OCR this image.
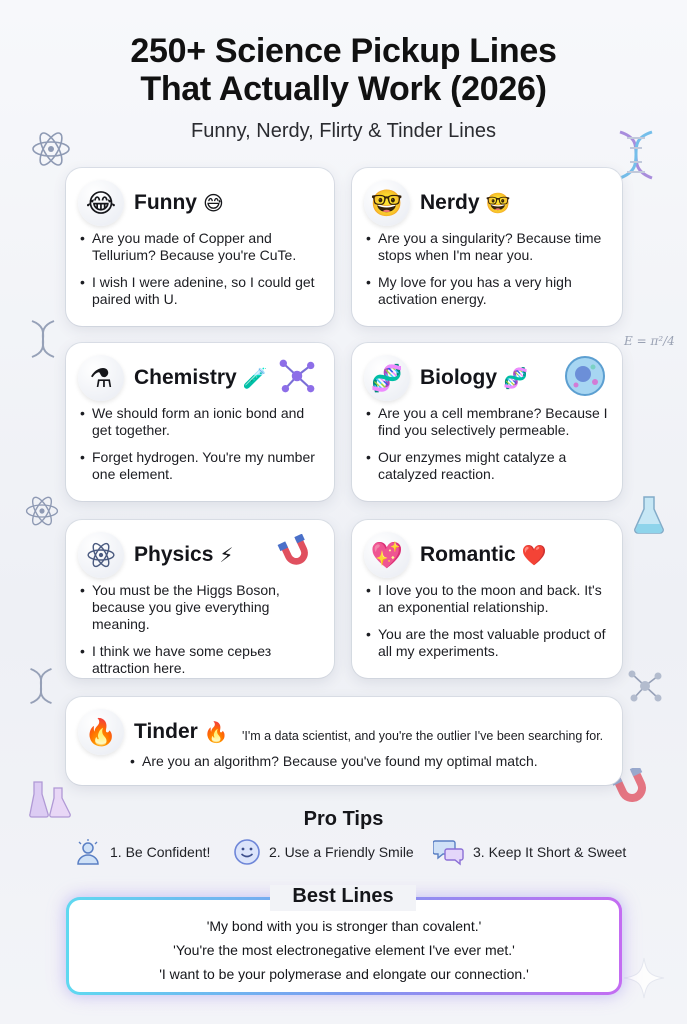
250+ Science Pickup Lines
That Actually Work (2026)
Funny, Nerdy, Flirty & Tinder Lines
E = π²/4
😂 Funny 😅
• Are you made of Copper and Tellurium? Because you're CuTe.
• I wish I were adenine, so I could get paired with U.
🤓 Nerdy 🤓
• Are you a singularity? Because time stops when I'm near you.
• My love for you has a very high activation energy.
⚗	Chemistry 🧪
• We should form an ionic bond and get together.
• Forget hydrogen. You're my number one element.
🧬 Biology 🧬
• Are you a cell membrane? Because I find you selectively permeable.
• Our enzymes might catalyze a catalyzed reaction.
Physics ⚡
• You must be the Higgs Boson, because you give everything meaning.
• I think we have some серьез attraction here.
💖 Romantic ❤️
• I love you to the moon and back. It's an exponential relationship.
• You are the most valuable product of all my experiments.
🔥 Tinder 🔥 'I'm a data scientist, and you're the outlier I've been searching for.
• Are you an algorithm? Because you've found my optimal match.
Pro Tips
1. Be Confident!	2. Use a Friendly Smile	3. Keep It Short & Sweet
Best Lines
'My bond with you is stronger than covalent.'
'You're the most electronegative element I've ever met.'
'I want to be your polymerase and elongate our connection.'
